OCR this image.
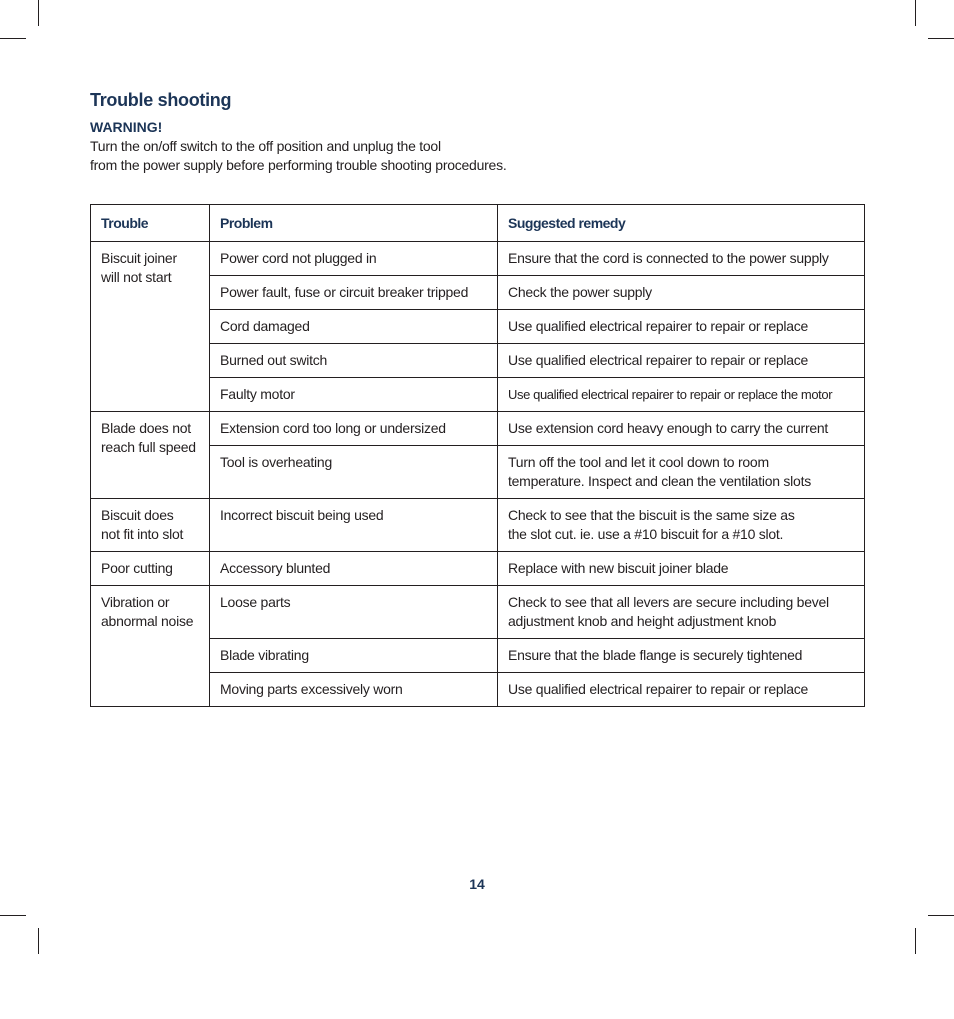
Trouble shooting
WARNING!
Turn the on/off switch to the off position and unplug the tool
from the power supply before performing trouble shooting procedures.
Trouble	Problem	Suggested remedy
Biscuit joiner
will not start	Power cord not plugged in	Ensure that the cord is connected to the power supply
	Power fault, fuse or circuit breaker tripped	Check the power supply
	Cord damaged	Use qualified electrical repairer to repair or replace
	Burned out switch	Use qualified electrical repairer to repair or replace
	Faulty motor	Use qualified electrical repairer to repair or replace the motor
Blade does not
reach full speed	Extension cord too long or undersized	Use extension cord heavy enough to carry the current
	Tool is overheating	Turn off the tool and let it cool down to room
temperature. Inspect and clean the ventilation slots
Biscuit does
not fit into slot	Incorrect biscuit being used	Check to see that the biscuit is the same size as
the slot cut. ie. use a #10 biscuit for a #10 slot.
Poor cutting	Accessory blunted	Replace with new biscuit joiner blade
Vibration or
abnormal noise	Loose parts	Check to see that all levers are secure including bevel
adjustment knob and height adjustment knob
	Blade vibrating	Ensure that the blade flange is securely tightened
	Moving parts excessively worn	Use qualified electrical repairer to repair or replace
14
